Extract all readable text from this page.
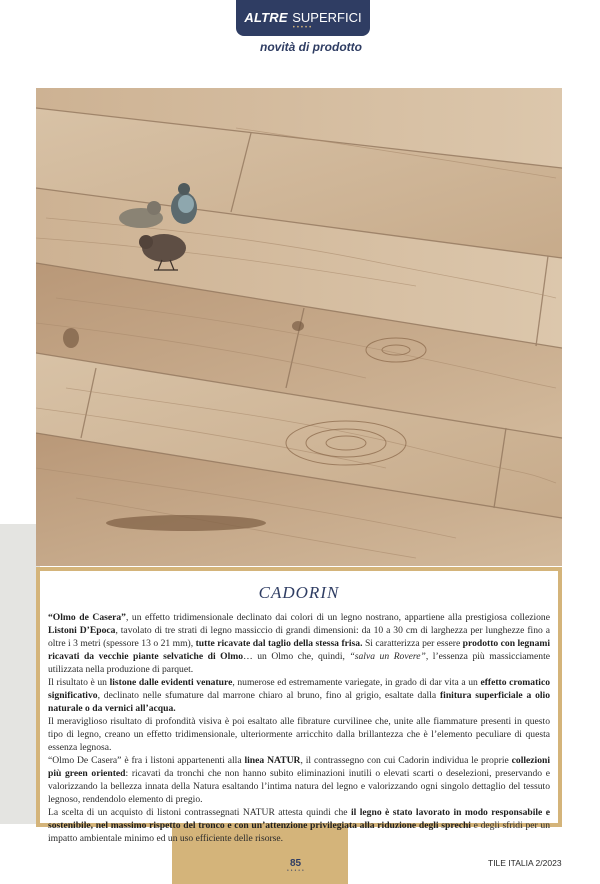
ALTRE SUPERFICI
•••••
novità di prodotto
CADORIN

“Olmo de Casera”, un effetto tridimensionale declinato dai colori di un legno nostrano, appartiene alla prestigiosa collezione Listoni D’Epoca, tavolato di tre strati di legno massiccio di grandi dimensioni: da 10 a 30 cm di larghezza per lunghezze fino a oltre i 3 metri (spessore 13 o 21 mm), tutte ricavate dal taglio della stessa frisa. Si caratterizza per essere prodotto con legnami ricavati da vecchie piante selvatiche di Olmo… un Olmo che, quindi, “salva un Rovere”, l’essenza più massicciamente utilizzata nella produzione di parquet.

Il risultato è un listone dalle evidenti venature, numerose ed estremamente variegate, in grado di dar vita a un effetto cromatico significativo, declinato nelle sfumature dal marrone chiaro al bruno, fino al grigio, esaltate dalla finitura superficiale a olio naturale o da vernici all’acqua.

Il meraviglioso risultato di profondità visiva è poi esaltato alle fibrature curvilinee che, unite alle fiammature presenti in questo tipo di legno, creano un effetto tridimensionale, ulteriormente arricchito dalla brillantezza che è l’elemento peculiare di questa essenza legnosa.

“Olmo De Casera” è fra i listoni appartenenti alla linea NATUR, il contrassegno con cui Cadorin individua le proprie collezioni più green oriented: ricavati da tronchi che non hanno subito eliminazioni inutili o elevati scarti o deselezioni, preservando e valorizzando la bellezza innata della Natura esaltando l’intima natura del legno e valorizzando ogni singolo dettaglio del tessuto legnoso, rendendolo elemento di pregio.

La scelta di un acquisto di listoni contrassegnati NATUR attesta quindi che il legno è stato lavorato in modo responsabile e sostenibile, nel massimo rispetto del tronco e con un’attenzione privilegiata alla riduzione degli sprechi e degli sfridi per un impatto ambientale minimo ed un uso efficiente delle risorse.

85
•••••
TILE ITALIA 2/2023
